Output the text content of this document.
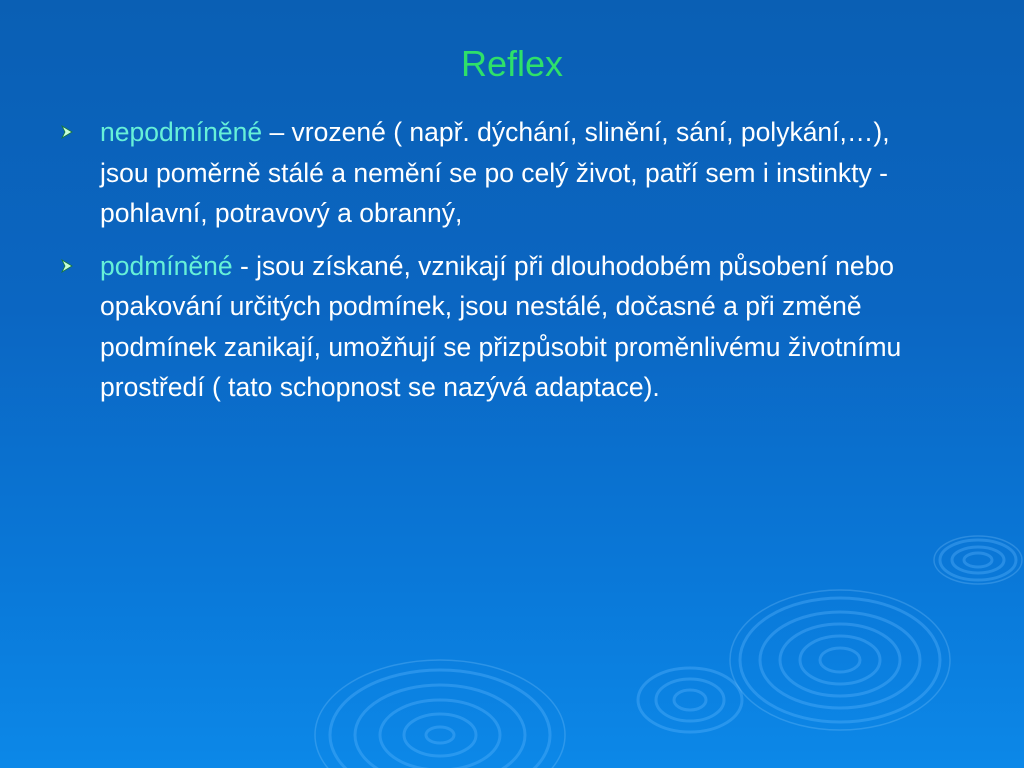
Reflex
nepodmíněné – vrozené ( např. dýchání, slinění, sání, polykání,…), jsou poměrně stálé a nemění se po celý život, patří sem i instinkty - pohlavní, potravový a obranný,
podmíněné - jsou získané, vznikají při dlouhodobém působení nebo opakování určitých podmínek, jsou nestálé, dočasné a při změně podmínek zanikají, umožňují se přizpůsobit proměnlivému životnímu prostředí ( tato schopnost se nazývá adaptace).
